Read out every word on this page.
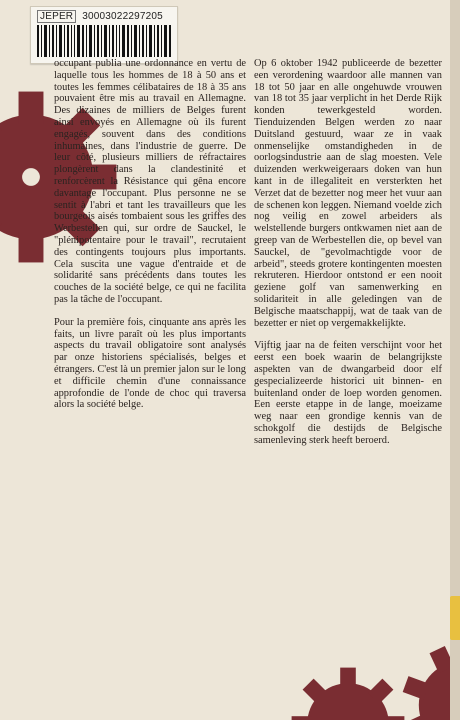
JEPER 30003022297205

occupant publia une ordonnance en vertu de laquelle tous les hommes de 18 à 50 ans et toutes les femmes célibataires de 18 à 35 ans pouvaient être mis au travail en Allemagne. Des dizaines de milliers de Belges furent ainsi envoyés en Allemagne où ils furent engagés, souvent dans des conditions inhumaines, dans l'industrie de guerre. De leur côté, plusieurs milliers de réfractaires plongèrent dans la clandestinité et renforcèrent la Résistance qui gêna encore davantage l'occupant. Plus personne ne se sentit à l'abri et tant les travailleurs que les bourgeois aisés tombaient sous les griffes des Werbestellen qui, sur ordre de Sauckel, le "plénipotentaire pour le travail", recrutaient des contingents toujours plus importants. Cela suscita une vague d'entraide et de solidarité sans précédents dans toutes les couches de la société belge, ce qui ne facilita pas la tâche de l'occupant.

Pour la première fois, cinquante ans après les faits, un livre paraît où les plus importants aspects du travail obligatoire sont analysés par onze historiens spécialisés, belges et étrangers. C'est là un premier jalon sur le long et difficile chemin d'une connaissance approfondie de l'onde de choc qui traversa alors la société belge.

Op 6 oktober 1942 publiceerde de bezetter een verordening waardoor alle mannen van 18 tot 50 jaar en alle ongehuwde vrouwen van 18 tot 35 jaar verplicht in het Derde Rijk konden tewerkgesteld worden. Tienduizenden Belgen werden zo naar Duitsland gestuurd, waar ze in vaak onmenselijke omstandigheden in de oorlogsindustrie aan de slag moesten. Vele duizenden werkweigeraars doken van hun kant in de illegaliteit en versterkten het Verzet dat de bezetter nog meer het vuur aan de schenen kon leggen. Niemand voelde zich nog veilig en zowel arbeiders als welstellende burgers ontkwamen niet aan de greep van de Werbestellen die, op bevel van Sauckel, de "gevolmachtigde voor de arbeid", steeds grotere kontingenten moesten rekruteren. Hierdoor ontstond er een nooit geziene golf van samenwerking en solidariteit in alle geledingen van de Belgische maatschappij, wat de taak van de bezetter er niet op vergemakkelijkte.

Vijftig jaar na de feiten verschijnt voor het eerst een boek waarin de belangrijkste aspekten van de dwangarbeid door elf gespecializeerde historici uit binnen- en buitenland onder de loep worden genomen. Een eerste etappe in de lange, moeizame weg naar een grondige kennis van de schokgolf die destijds de Belgische samenleving sterk heeft beroerd.
